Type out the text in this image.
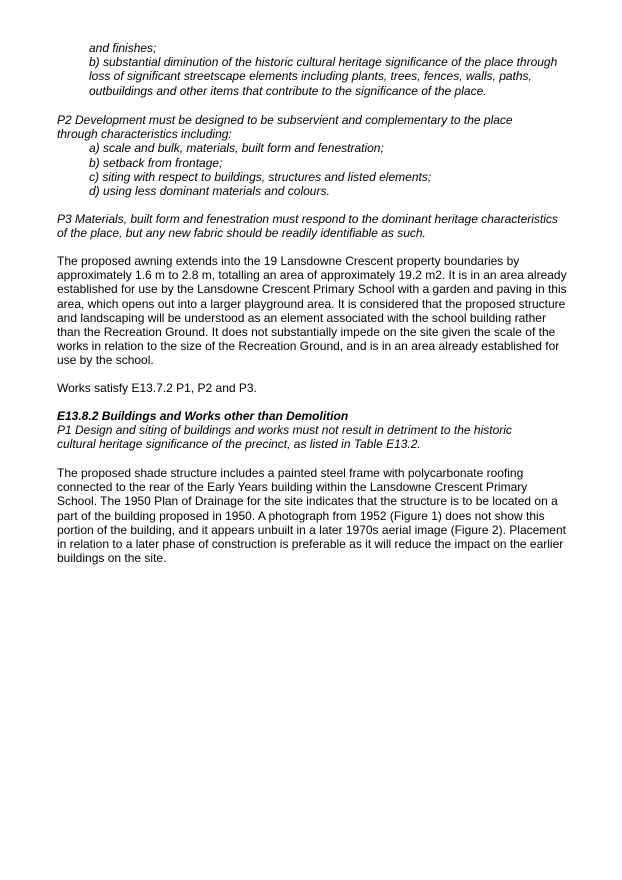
and finishes;

b) substantial diminution of the historic cultural heritage significance of the place through loss of significant streetscape elements including plants, trees, fences, walls, paths, outbuildings and other items that contribute to the significance of the place.

P2 Development must be designed to be subservient and complementary to the place through characteristics including:

a) scale and bulk, materials, built form and fenestration;

b) setback from frontage;

c) siting with respect to buildings, structures and listed elements;

d) using less dominant materials and colours.

P3 Materials, built form and fenestration must respond to the dominant heritage characteristics of the place, but any new fabric should be readily identifiable as such.

The proposed awning extends into the 19 Lansdowne Crescent property boundaries by approximately 1.6 m to 2.8 m, totalling an area of approximately 19.2 m2. It is in an area already established for use by the Lansdowne Crescent Primary School with a garden and paving in this area, which opens out into a larger playground area. It is considered that the proposed structure and landscaping will be understood as an element associated with the school building rather than the Recreation Ground. It does not substantially impede on the site given the scale of the works in relation to the size of the Recreation Ground, and is in an area already established for use by the school.

Works satisfy E13.7.2 P1, P2 and P3.

E13.8.2 Buildings and Works other than Demolition

P1 Design and siting of buildings and works must not result in detriment to the historic cultural heritage significance of the precinct, as listed in Table E13.2.

The proposed shade structure includes a painted steel frame with polycarbonate roofing connected to the rear of the Early Years building within the Lansdowne Crescent Primary School. The 1950 Plan of Drainage for the site indicates that the structure is to be located on a part of the building proposed in 1950. A photograph from 1952 (Figure 1) does not show this portion of the building, and it appears unbuilt in a later 1970s aerial image (Figure 2). Placement in relation to a later phase of construction is preferable as it will reduce the impact on the earlier buildings on the site.
